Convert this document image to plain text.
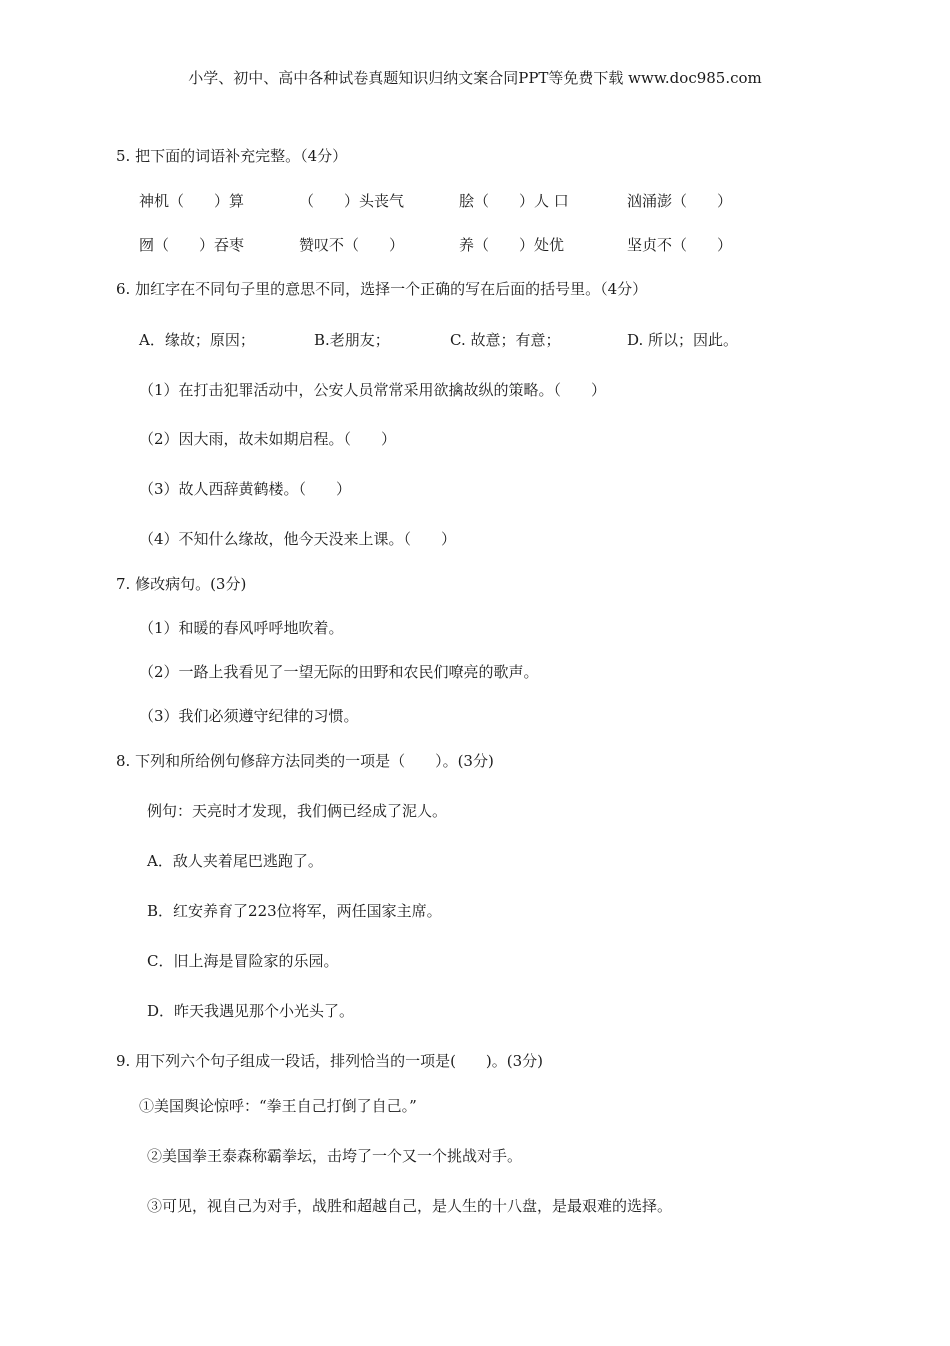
小学、初中、高中各种试卷真题知识归纳文案合同PPT等免费下载 www.doc985.com
5. 把下面的词语补充完整。（4分）
神机（　　）算	（　　）头丧气	脍（　　）人 口	汹涌澎（　　）
囫（　　）吞枣	赞叹不（　　）	养（　　）处优	坚贞不（　　）
6. 加红字在不同句子里的意思不同，选择一个正确的写在后面的括号里。（4分）
A．缘故；原因；	B.老朋友；	C. 故意；有意；	D. 所以；因此。
（1）在打击犯罪活动中，公安人员常常采用欲擒故纵的策略。（　　）
（2）因大雨，故未如期启程。（　　）
（3）故人西辞黄鹤楼。（　　）
（4）不知什么缘故，他今天没来上课。（　　）
7. 修改病句。(3分)
（1）和暖的春风呼呼地吹着。
（2）一路上我看见了一望无际的田野和农民们嘹亮的歌声。
（3）我们必须遵守纪律的习惯。
8. 下列和所给例句修辞方法同类的一项是（　　）。(3分)
例句：天亮时才发现，我们俩已经成了泥人。
A．敌人夹着尾巴逃跑了。
B．红安养育了223位将军，两任国家主席。
C．旧上海是冒险家的乐园。
D．昨天我遇见那个小光头了。
9. 用下列六个句子组成一段话，排列恰当的一项是(　　)。(3分)
①美国舆论惊呼：“拳王自己打倒了自己。”
②美国拳王泰森称霸拳坛，击垮了一个又一个挑战对手。
③可见，视自己为对手，战胜和超越自己，是人生的十八盘，是最艰难的选择。
